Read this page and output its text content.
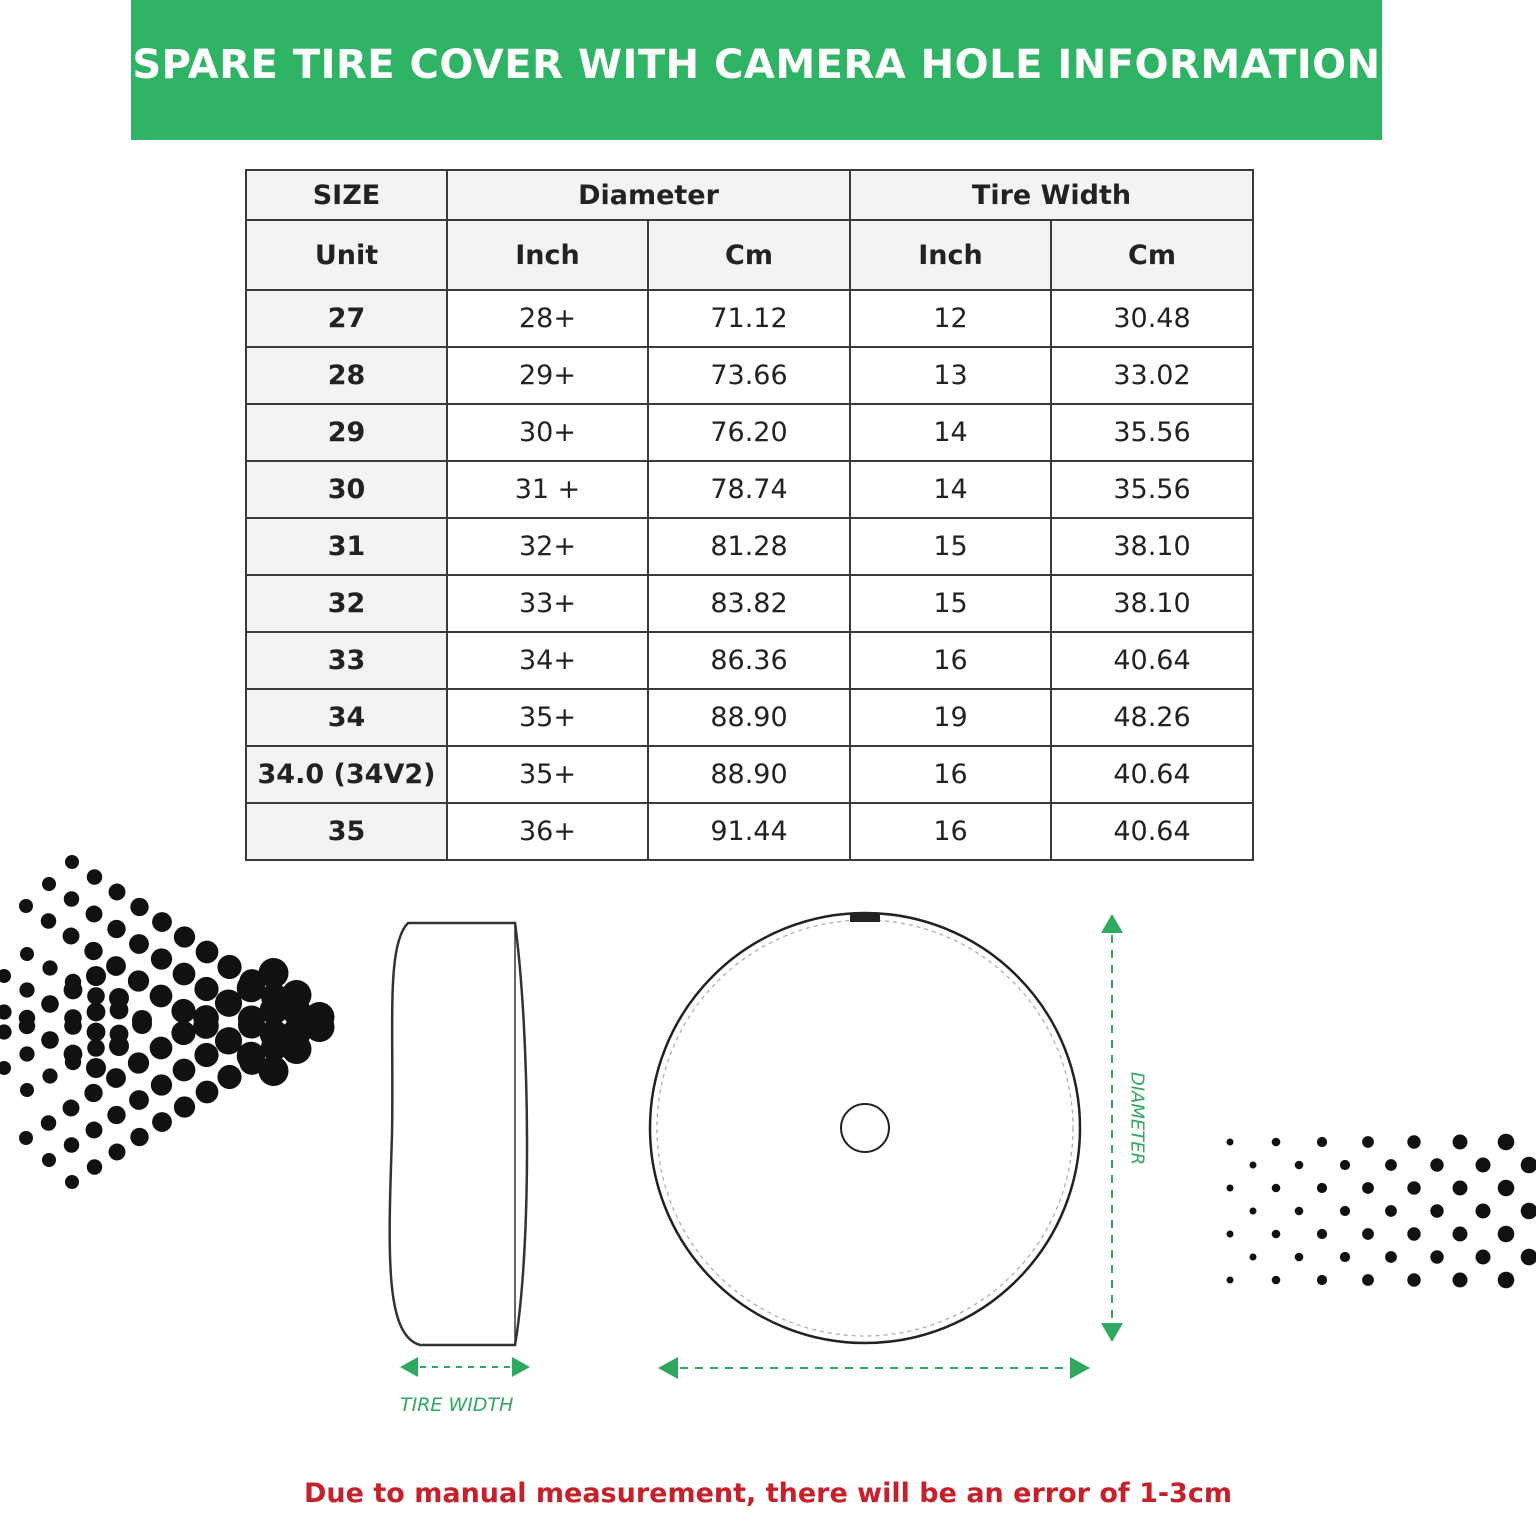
SPARE TIRE COVER WITH CAMERA HOLE INFORMATION
SIZE	Diameter		Tire Width	
Unit	Inch	Cm	Inch	Cm
27	28+	71.12	12	30.48
28	29+	73.66	13	33.02
29	30+	76.20	14	35.56
30	31 +	78.74	14	35.56
31	32+	81.28	15	38.10
32	33+	83.82	15	38.10
33	34+	86.36	16	40.64
34	35+	88.90	19	48.26
34.0 (34V2)	35+	88.90	16	40.64
35	36+	91.44	16	40.64
DIAMETER
TIRE WIDTH
Due to manual measurement, there will be an error of 1-3cm
